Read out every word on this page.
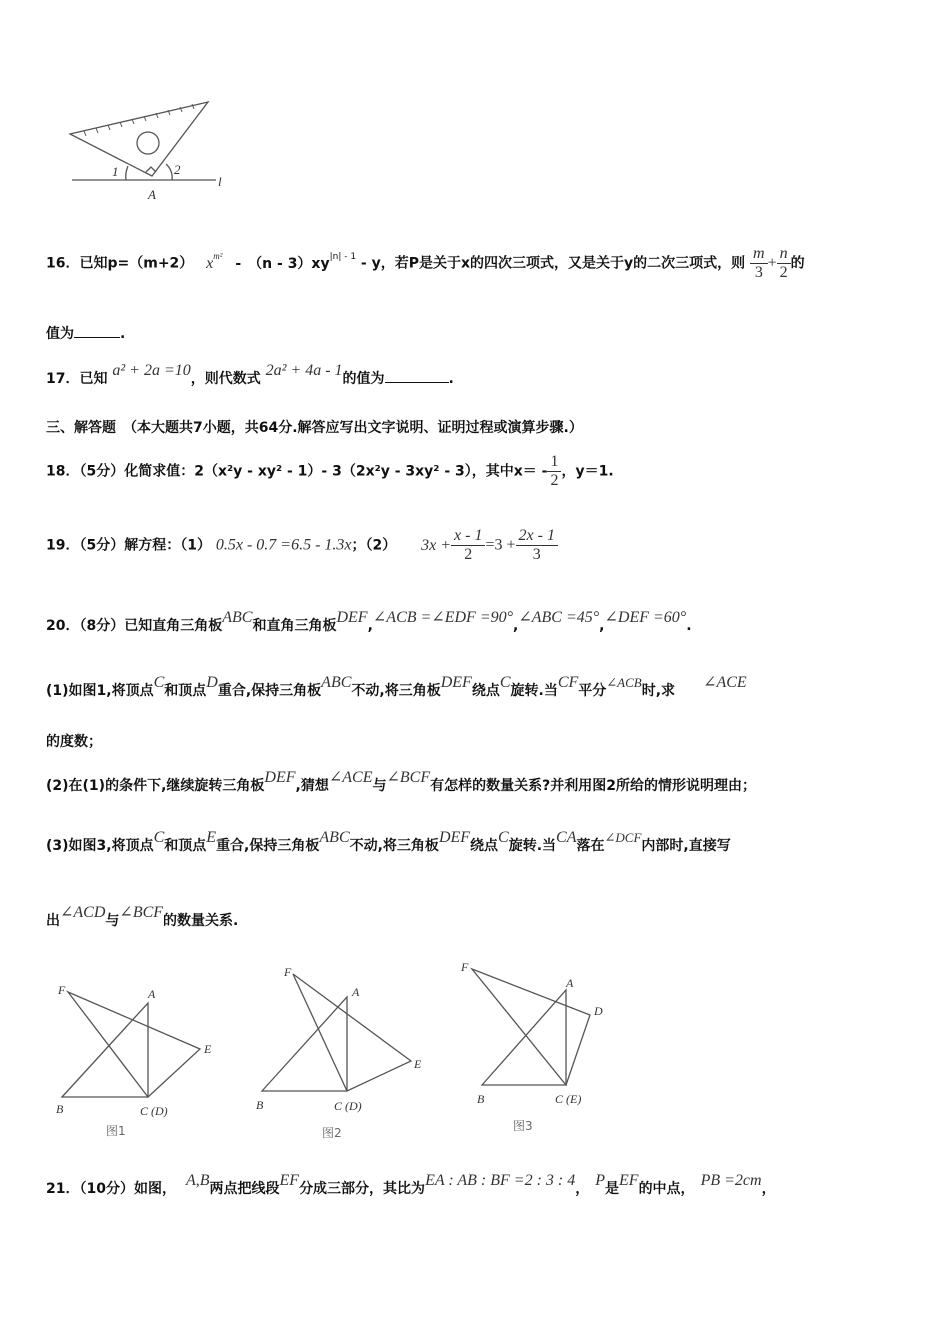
1	2
A
l
16．已知p=（m+2） $x^{m^2}$ -　$(n - 3)xy^{|n| - 1}$ - y，若P是关于x的四次三项式，又是关于y的二次三项式，则 $\frac{m}{3} + \frac{n}{2}$ 的
值为	.
17．已知 a² + 2a =10，则代数式 2a² + 4a - 1的值为	.
三、解答题　（本大题共7小题，共64分.解答应写出文字说明、证明过程或演算步骤.）
18．（5分）化简求值：2（x²y - xy² - 1）- 3（2x²y - 3xy² - 3），其中$x= - \frac{1}{2}$ ，y＝1.
19．（5分）解方程：（1） 0.5x - 0.7 =6.5 - 1.3x；（2） $3x + \frac{x - 1}{2} =3 + \frac{2x - 1}{3}$
20．（8分）已知直角三角板ABC和直角三角板DEF,∠ACB =∠EDF =90°,∠ABC =45°,∠DEF =60°.
(1)如图1,将顶点C和顶点D重合,保持三角板ABC不动,将三角板DEF绕点C旋转.当CF平分∠ACB时,求 ∠ACE
的度数；
(2)在(1)的条件下,继续旋转三角板DEF,猜想∠ACE与∠BCF有怎样的数量关系?并利用图2所给的情形说明理由；
(3)如图3,将顶点C和顶点E重合,保持三角板ABC不动,将三角板DEF绕点C旋转.当CA落在∠DCF内部时,直接写
出∠ACD与∠BCF的数量关系.
F	A
E
B	C (D)
图1
F
A
E
B	C (D)
图2
F
A
D
B	C (E)
图3
21．（10分）如图， A,B两点把线段EF分成三部分，其比为EA : AB : BF =2 : 3 : 4， P是EF的中点， PB =2cm，
